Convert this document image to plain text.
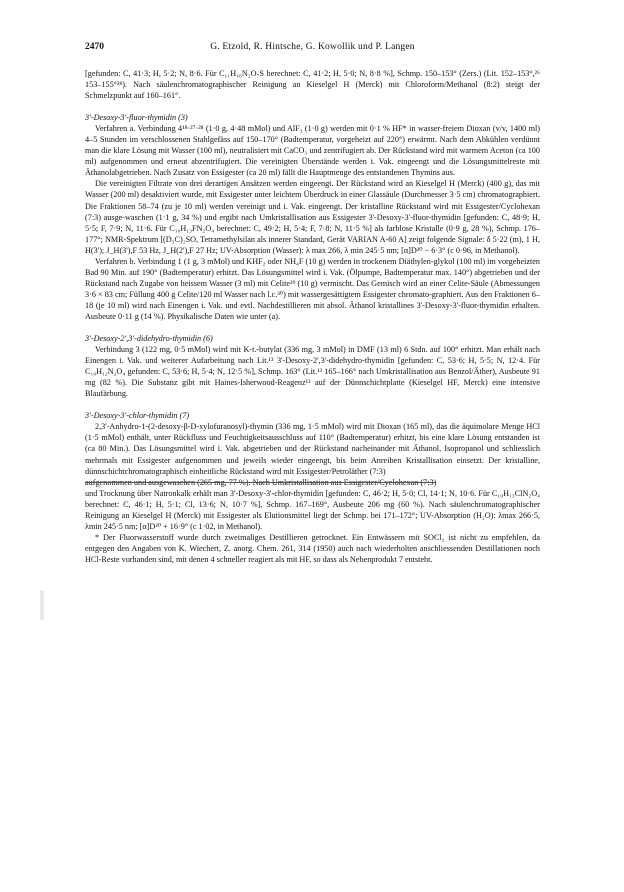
2470	G. Etzold, R. Hintsche, G. Kowollik und P. Langen

[gefunden: C, 41·3; H, 5·2; N, 8·6. Für C₁₁H₁₆N₂O₇S berechnet: C, 41·2; H, 5·0; N, 8·8 %], Schmp. 150–153° (Zers.) (Lit. 152–153°,²⁶ 153–155°²⁸). Nach säulenchromatographischer Reinigung an Kieselgel H (Merck) mit Chloroform/Methanol (8:2) steigt der Schmelzpunkt auf 160–161°.

3'-Desoxy-3'-fluor-thymidin (3)

Verfahren a. Verbindung 4¹⁸·²⁷·²⁸ (1·0 g, 4·48 mMol) und AlF₃ (1·0 g) werden mit 0·1 % HF* in wasser-freiem Dioxan (v/v, 1400 ml) 4–5 Stunden im verschlossenen Stahlgefäss auf 150–170° (Badtemperatur, vorgeheizt auf 220°) erwärmt. Nach dem Abkühlen verdünnt man die klare Lösung mit Wasser (100 ml), neutralisiert mit CaCO₃ und zentrifugiert ab. Der Rückstand wird mit warmem Aceton (ca 100 ml) aufgenommen und erneut abzentrifugiert. Die vereinigten Überstände werden i. Vak. eingeengt und die Lösungsmittelreste mit Äthanolabgetrieben. Nach Zusatz von Essigester (ca 20 ml) fällt die Hauptmenge des entstandenen Thymins aus.

Die vereinigten Filtrate von drei derartigen Ansätzen werden eingeengt. Der Rückstand wird an Kieselgel H (Merck) (400 g), das mit Wasser (200 ml) desaktiviert wurde, mit Essigester unter leichtem Überdruck in einer Glassäule (Durchmesser 3·5 cm) chromatographiert. Die Fraktionen 58–74 (zu je 10 ml) werden vereinigt und i. Vak. eingeengt. Der kristalline Rückstand wird mit Essigester/Cyclohexan (7:3) ausge-waschen (1·1 g, 34 %) und ergibt nach Umkristallisation aus Essigester 3'-Desoxy-3'-fluor-thymidin [gefunden: C, 48·9; H, 5·5; F, 7·9; N, 11·6. Für C₁₀H₁₃FN₂O₄ berechnet: C, 49·2; H, 5·4; F, 7·8; N, 11·5 %] als farblose Kristalle (0·9 g, 28 %), Schmp. 176–177°; NMR-Spektrum [(D₃C)₂SO, Tetramethylsilan als innerer Standard, Gerät VARIAN A-60 A] zeigt folgende Signale: δ 5·22 (m), 1 H, H(3'); J_H(3'),F 53 Hz, J_H(2'),F 27 Hz; UV-Absorption (Wasser): λ max 266, λ min 245·5 nm; [α]D²⁰ − 6·3° (c 0·96, in Methanol).

Verfahren b. Verbindung 1 (1 g, 3 mMol) und KHF₂ oder NH₄F (10 g) werden in trockenem Diäthylen-glykol (100 ml) im vorgeheizten Bad 90 Min. auf 190° (Badtemperatur) erhitzt. Das Lösungsmittel wird i. Vak. (Ölpumpe, Badtemperatur max. 140°) abgetrieben und der Rückstand nach Zugabe von heissem Wasser (3 ml) mit Celite²⁹ (10 g) vermischt. Das Gemisch wird an einer Celite-Säule (Abmessungen 3·6 × 83 cm; Füllung 400 g Celite/120 ml Wasser nach l.c.³⁰) mit wassergesättigtem Essigester chromato-graphiert. Aus den Fraktionen 6–18 (je 10 ml) wird nach Einengen i. Vak. und evtl. Nachdestillieren mit absol. Äthanol kristallines 3'-Desoxy-3'-fluor-thymidin erhalten. Ausbeute 0·11 g (14 %). Physikalische Daten wie unter (a).

3'-Desoxy-2',3'-didehydro-thymidin (6)

Verbindung 3 (122 mg, 0·5 mMol) wird mit K-t.-butylat (336 mg, 3 mMol) in DMF (13 ml) 6 Stdn. auf 100° erhitzt. Man erhält nach Einengen i. Vak. und weiterer Aufarbeitung nach Lit.¹³ 3'-Desoxy-2',3'-didehydro-thymidin [gefunden: C, 53·6; H, 5·5; N, 12·4. Für C₁₀H₁₂N₂O₄ gefunden: C, 53·6; H, 5·4; N, 12·5 %], Schmp. 163° (Lit.¹³ 165–166° nach Umkristallisation aus Benzol/Äther), Ausbeute 91 mg (82 %). Die Substanz gibt mit Haines-Isherwood-Reagenz¹² auf der Dünnschichtplatte (Kieselgel HF, Merck) eine intensive Blaufärbung.

3'-Desoxy-3'-chlor-thymidin (7)

2,3'-Anhydro-1-(2-desoxy-β-D-xylofuranosyl)-thymin (336 mg, 1·5 mMol) wird mit Dioxan (165 ml), das die äquimolare Menge HCl (1·5 mMol) enthält, unter Rückfluss und Feuchtigkeitsausschluss auf 110° (Badtemperatur) erhitzt, bis eine klare Lösung entstanden ist (ca 80 Min.). Das Lösungsmittel wird i. Vak. abgetrieben und der Rückstand nacheinander mit Äthanol, Isopropanol und schliesslich mehrmals mit Essigester aufgenommen und jeweils wieder eingeengt, bis beim Anreiben Kristallisation einsetzt. Der kristalline, dünnschichtchromatographisch einheitliche Rückstand wird mit Essigester/Petroläther (7:3)

aufgenommen und ausgewaschen (265 mg, 77 %). Nach Umkristallisation aus Essigester/Cyclohexan (7:3)

und Trocknung über Natronkalk erhält man 3'-Desoxy-3'-chlor-thymidin [gefunden: C, 46·2; H, 5·0; Cl, 14·1; N, 10·6. Für C₁₀H₁₃ClN₂O₄ berechnet: C, 46·1; H, 5·1; Cl, 13·6; N, 10·7 %], Schmp. 167–169°, Ausbeute 206 mg (60 %). Nach säulenchromatographischer Reinigung an Kieselgel H (Merck) mit Essigester als Elutionsmittel liegt der Schmp. bei 171–172°; UV-Absorption (H₂O): λmax 266·5, λmin 245·5 nm; [α]D²⁰ + 16·9° (c 1·02, in Methanol).

* Der Fluorwasserstoff wurde durch zweimaliges Destillieren getrocknet. Ein Entwässern mit SOCl₂ ist nicht zu empfehlen, da entgegen den Angaben von K. Wiechert, Z. anorg. Chem. 261, 314 (1950) auch nach wiederholten anschliessenden Destillationen noch HCl-Reste vorhanden sind, mit denen 4 schneller reagiert als mit HF, so dass als Nebenprodukt 7 entsteht.
